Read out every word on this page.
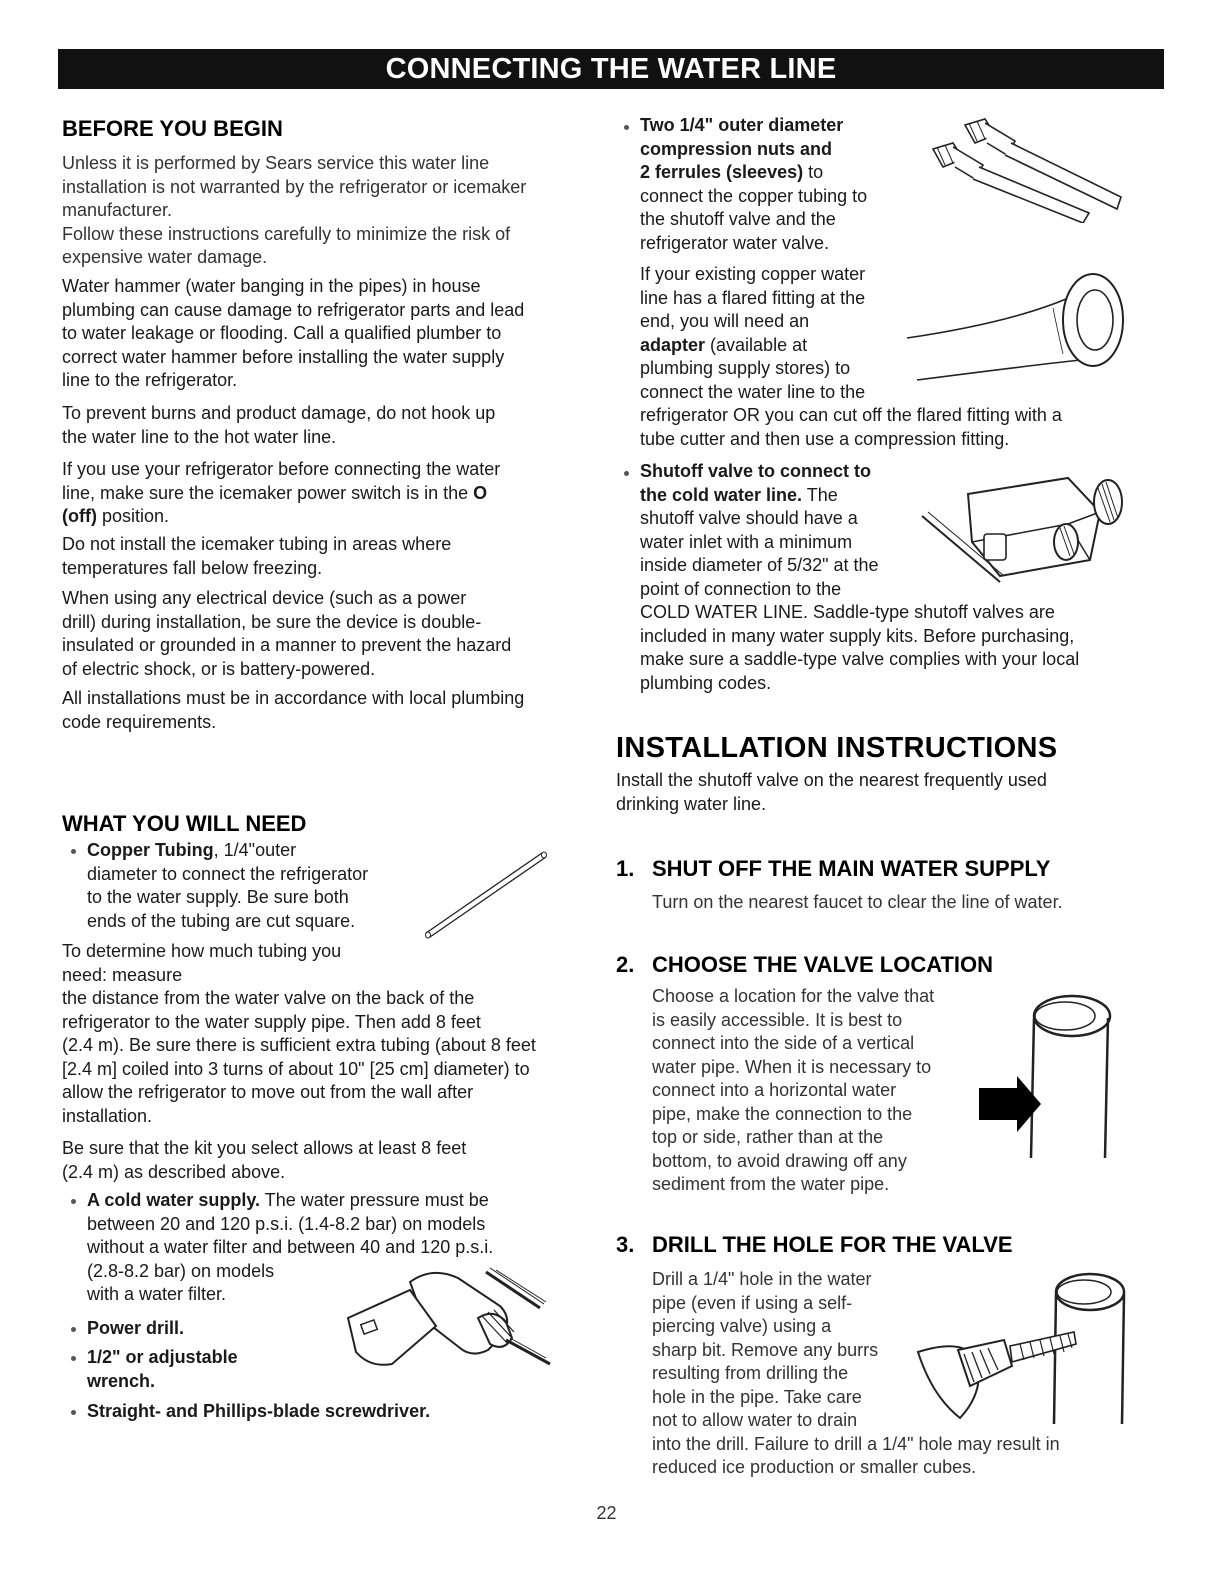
CONNECTING THE WATER LINE
BEFORE YOU BEGIN
Unless it is performed by Sears service this water line
installation is not warranted by the refrigerator or icemaker
manufacturer.
Follow these instructions carefully to minimize the risk of
expensive water damage.
Water hammer (water banging in the pipes) in house
plumbing can cause damage to refrigerator parts and lead
to water leakage or flooding. Call a qualified plumber to
correct water hammer before installing the water supply
line to the refrigerator.
To prevent burns and product damage, do not hook up
the water line to the hot water line.
If you use your refrigerator before connecting the water
line, make sure the icemaker power switch is in the O
(off) position.
Do not install the icemaker tubing in areas where
temperatures fall below freezing.
When using any electrical device (such as a power
drill) during installation, be sure the device is double-
insulated or grounded in a manner to prevent the hazard
of electric shock, or is battery-powered.
All installations must be in accordance with local plumbing
code requirements.
WHAT YOU WILL NEED
Copper Tubing, 1/4"outer
diameter to connect the refrigerator
to the water supply. Be sure both
ends of the tubing are cut square.
To determine how much tubing you
need: measure
the distance from the water valve on the back of the
refrigerator to the water supply pipe. Then add 8 feet
(2.4 m). Be sure there is sufficient extra tubing (about 8 feet
[2.4 m] coiled into 3 turns of about 10" [25 cm] diameter) to
allow the refrigerator to move out from the wall after
installation.
Be sure that the kit you select allows at least 8 feet
(2.4 m) as described above.
A cold water supply. The water pressure must be
between 20 and 120 p.s.i. (1.4-8.2 bar) on models
without a water filter and between 40 and 120 p.s.i.
(2.8-8.2 bar) on models
with a water filter.
Power drill.
1/2" or adjustable
wrench.
Straight- and Phillips-blade screwdriver.
Two 1/4" outer diameter
compression nuts and
2 ferrules (sleeves) to
connect the copper tubing to
the shutoff valve and the
refrigerator water valve.
If your existing copper water
line has a flared fitting at the
end, you will need an
adapter (available at
plumbing supply stores) to
connect the water line to the
refrigerator OR you can cut off the flared fitting with a
tube cutter and then use a compression fitting.
Shutoff valve to connect to
the cold water line. The
shutoff valve should have a
water inlet with a minimum
inside diameter of 5/32" at the
point of connection to the
COLD WATER LINE. Saddle-type shutoff valves are
included in many water supply kits. Before purchasing,
make sure a saddle-type valve complies with your local
plumbing codes.
INSTALLATION INSTRUCTIONS
Install the shutoff valve on the nearest frequently used
drinking water line.
1. SHUT OFF THE MAIN WATER SUPPLY
Turn on the nearest faucet to clear the line of water.
2. CHOOSE THE VALVE LOCATION
Choose a location for the valve that
is easily accessible. It is best to
connect into the side of a vertical
water pipe. When it is necessary to
connect into a horizontal water
pipe, make the connection to the
top or side, rather than at the
bottom, to avoid drawing off any
sediment from the water pipe.
3. DRILL THE HOLE FOR THE VALVE
Drill a 1/4" hole in the water
pipe (even if using a self-
piercing valve) using a
sharp bit. Remove any burrs
resulting from drilling the
hole in the pipe. Take care
not to allow water to drain
into the drill. Failure to drill a 1/4" hole may result in
reduced ice production or smaller cubes.
22
